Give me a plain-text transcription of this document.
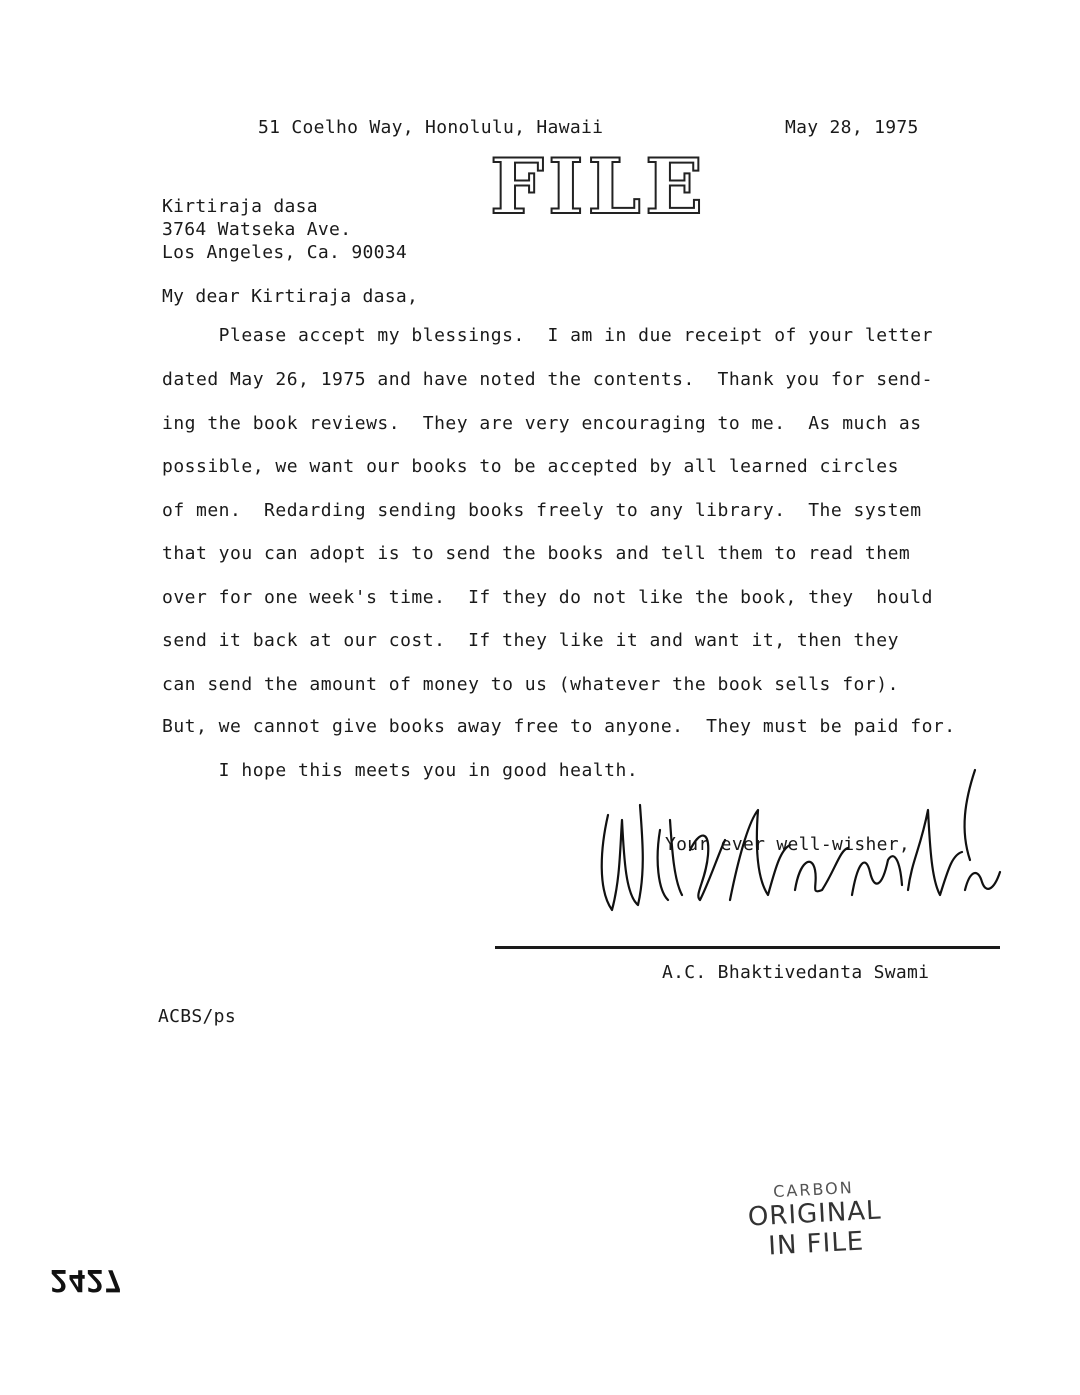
51 Coelho Way, Honolulu, Hawaii	May 28, 1975
FILE
Kirtiraja dasa
3764 Watseka Ave.
Los Angeles, Ca. 90034
My dear Kirtiraja dasa,
Please accept my blessings.  I am in due receipt of your letter
dated May 26, 1975 and have noted the contents.  Thank you for send-
ing the book reviews.  They are very encouraging to me.  As much as
possible, we want our books to be accepted by all learned circles
of men.  Redarding sending books freely to any library.  The system
that you can adopt is to send the books and tell them to read them
over for one week's time.  If they do not like the book, they  hould
send it back at our cost.  If they like it and want it, then they
can send the amount of money to us (whatever the book sells for).
But, we cannot give books away free to anyone.  They must be paid for.
I hope this meets you in good health.
Your ever well-wisher,
A.C. Bhaktivedanta Swami
ACBS/ps
CARBON
ORIGINAL
IN FILE
2427
